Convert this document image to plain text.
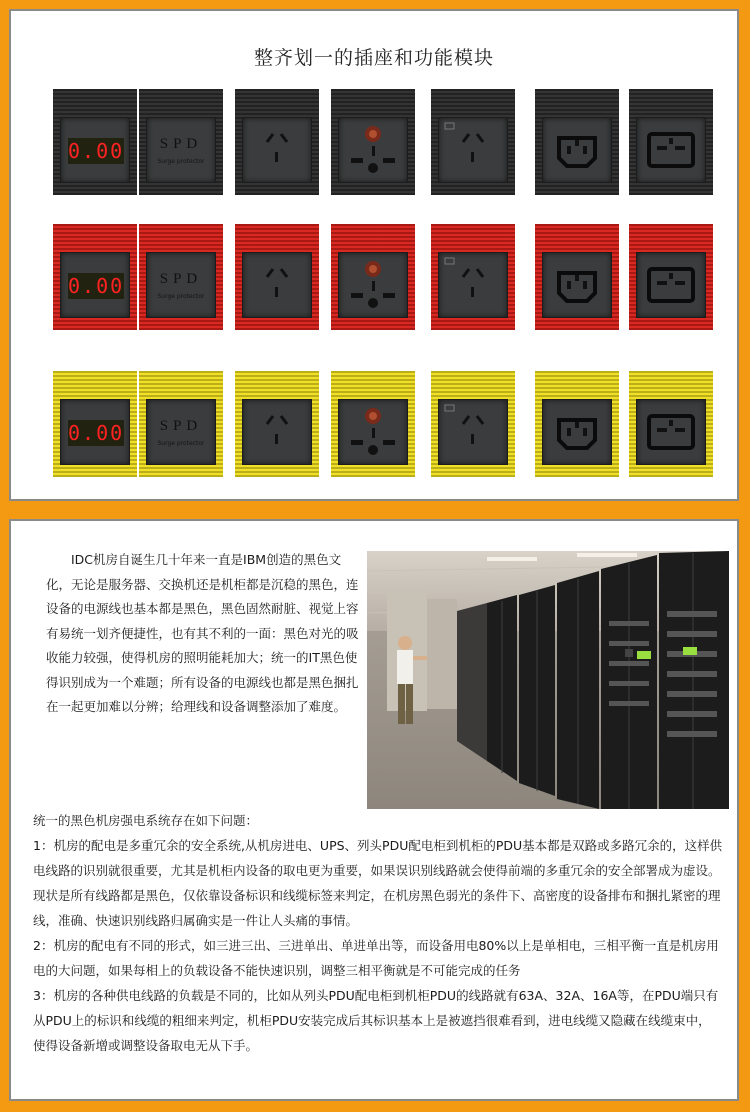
整齐划一的插座和功能模块
0.00	SPD
Surge protector
0.00	SPD
Surge protector
0.00	SPD
Surge protector
IDC机房自诞生几十年来一直是IBM创造的黑色文化，无论是服务器、交换机还是机柜都是沉稳的黑色，连设备的电源线也基本都是黑色，黑色固然耐脏、视觉上容有易统一划齐便捷性，也有其不利的一面：黑色对光的吸收能力较强，使得机房的照明能耗加大；统一的IT黑色使得识别成为一个难题；所有设备的电源线也都是黑色捆扎在一起更加难以分辨；给理线和设备调整添加了难度。

统一的黑色机房强电系统存在如下问题：

1：机房的配电是多重冗余的安全系统,从机房进电、UPS、列头PDU配电柜到机柜的PDU基本都是双路或多路冗余的，这样供电线路的识别就很重要，尤其是机柜内设备的取电更为重要，如果误识别线路就会使得前端的多重冗余的安全部署成为虚设。现状是所有线路都是黑色，仅依靠设备标识和线缆标签来判定，在机房黑色弱光的条件下、高密度的设备排布和捆扎紧密的理线，准确、快速识别线路归属确实是一件让人头痛的事情。

2：机房的配电有不同的形式，如三进三出、三进单出、单进单出等，而设备用电80%以上是单相电，三相平衡一直是机房用电的大问题，如果每相上的负载设备不能快速识别，调整三相平衡就是不可能完成的任务

3：机房的各种供电线路的负载是不同的，比如从列头PDU配电柜到机柜PDU的线路就有63A、32A、16A等，在PDU端只有从PDU上的标识和线缆的粗细来判定，机柜PDU安装完成后其标识基本上是被遮挡很难看到，进电线缆又隐藏在线缆束中，使得设备新增或调整设备取电无从下手。
